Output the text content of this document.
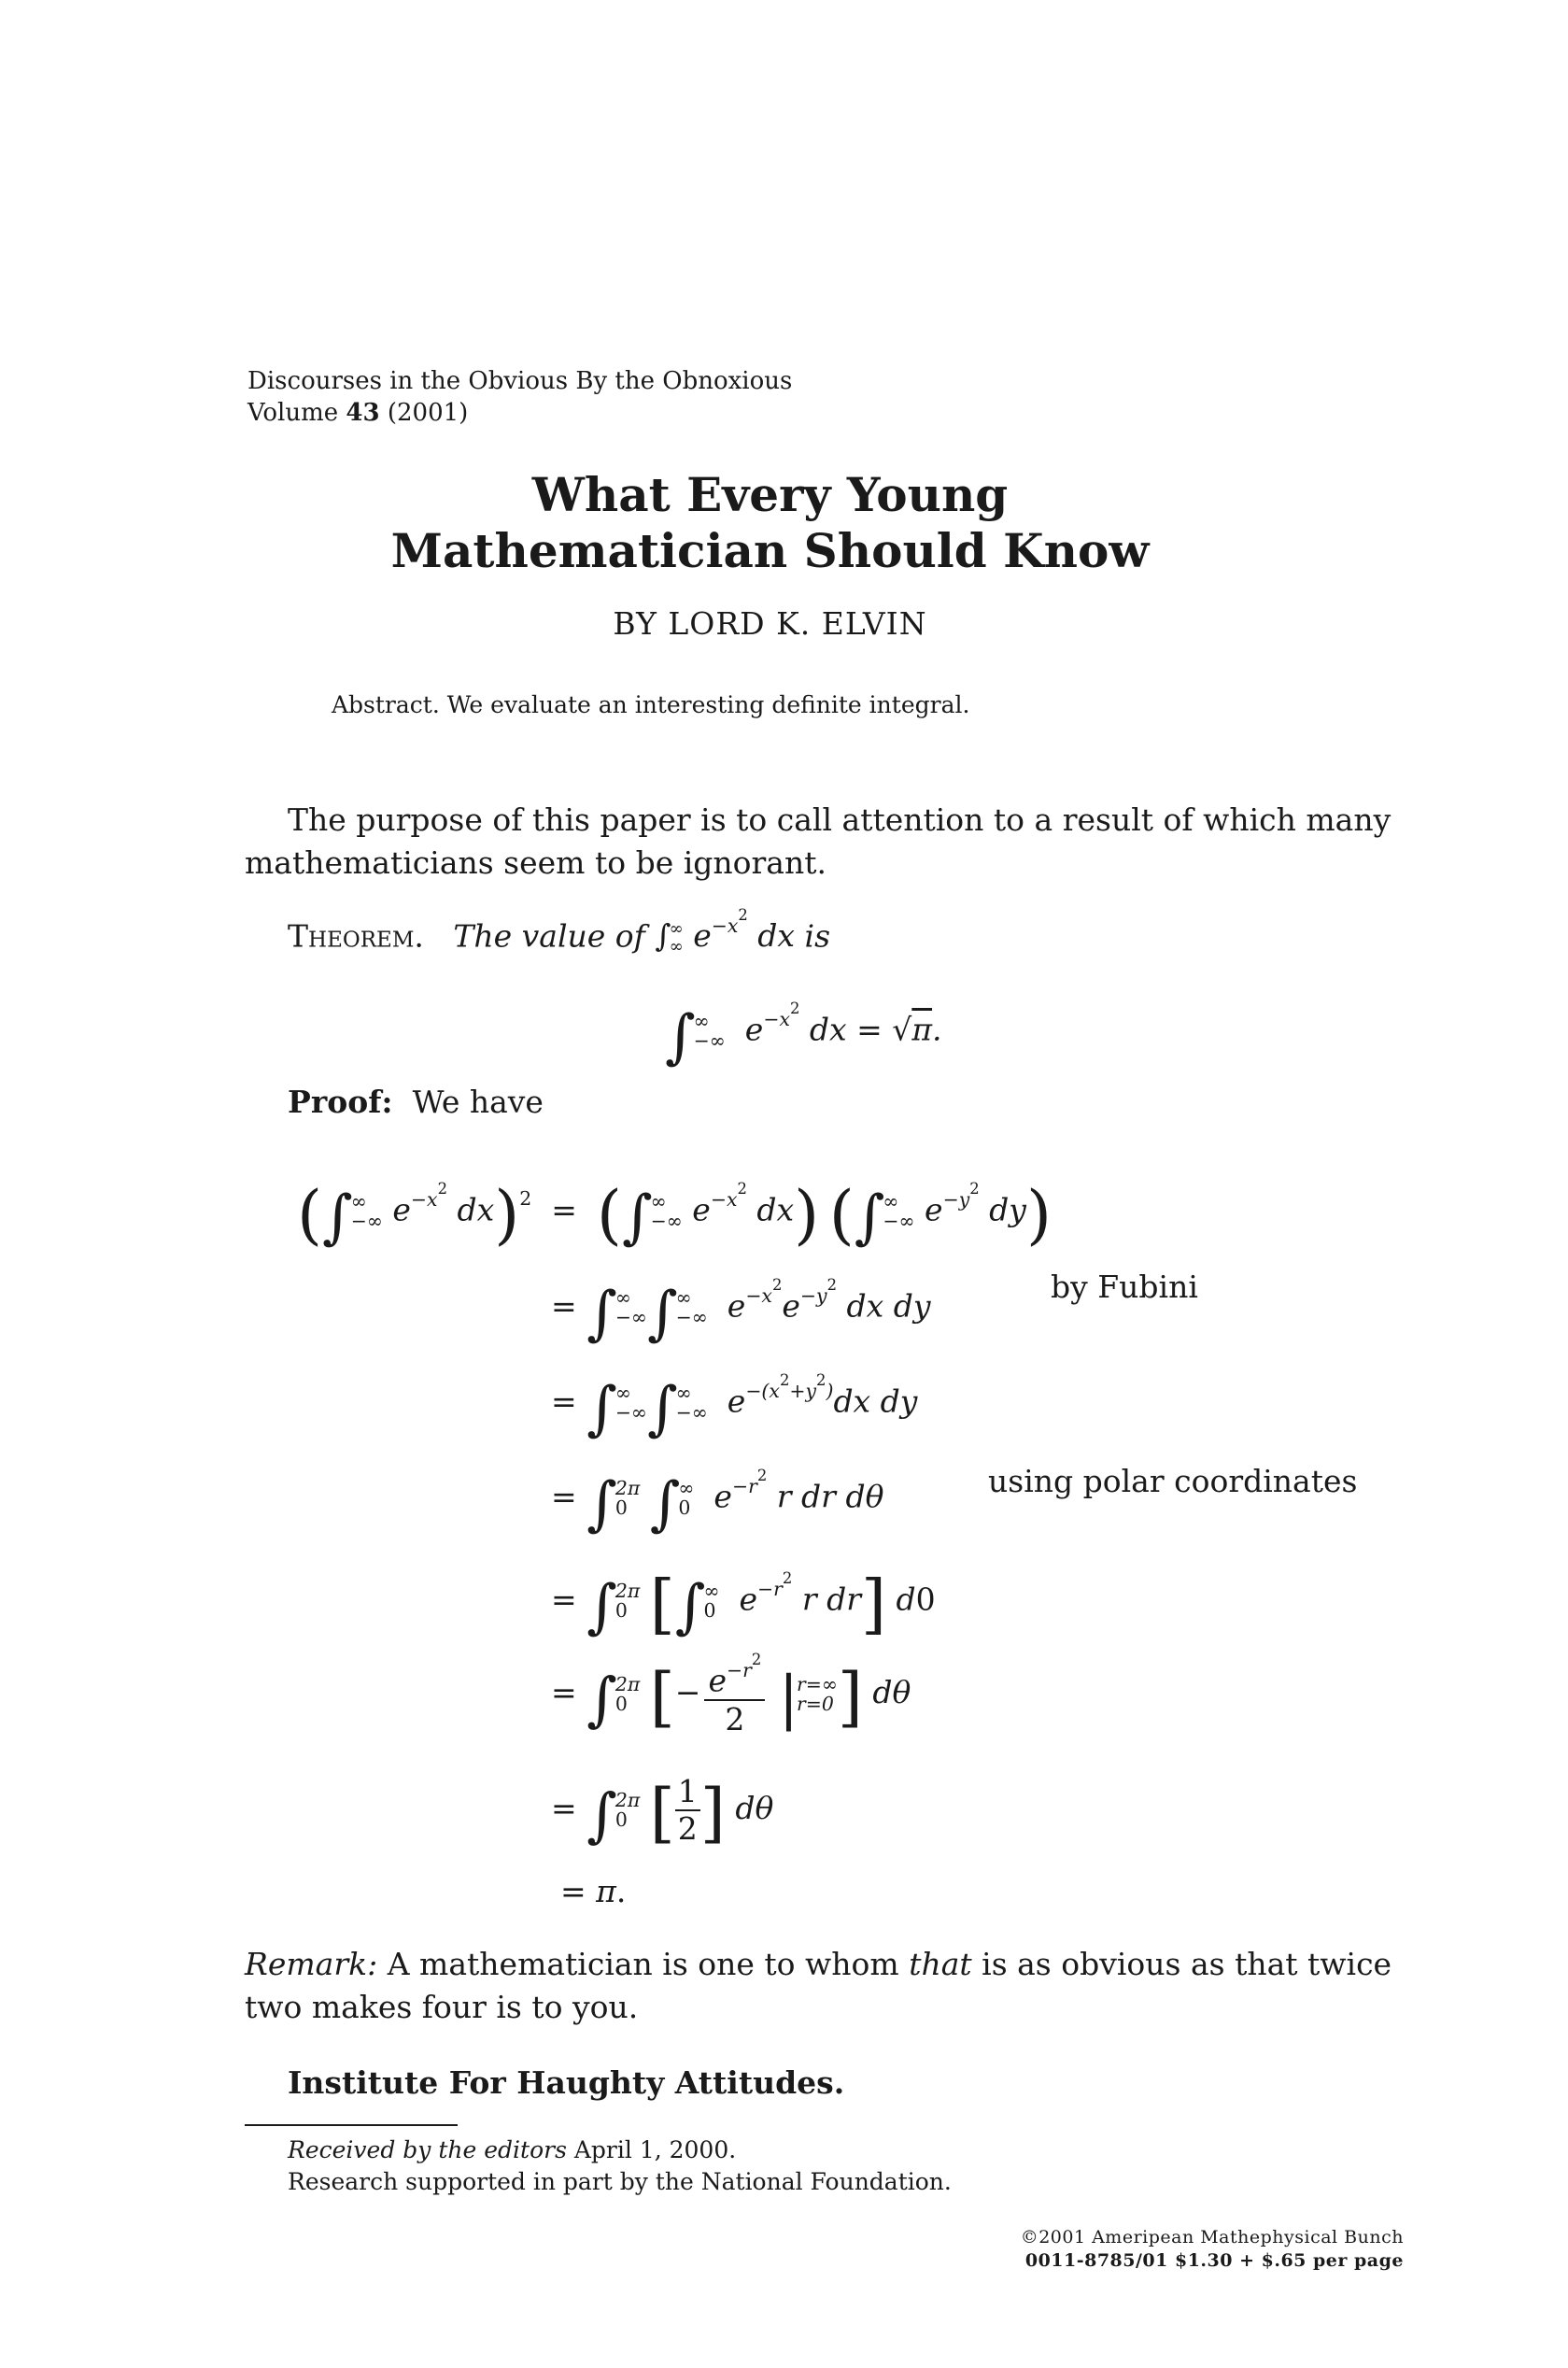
Discourses in the Obvious By the Obnoxious
Volume 43 (2001)
What Every Young
Mathematician Should Know
BY LORD K. ELVIN
Abstract. We evaluate an interesting definite integral.
The purpose of this paper is to call attention to a result of which many
mathematicians seem to be ignorant.
Theorem. The value of ∫
∞
∞ $e^{-x^2}$ dx is
∫
∞
−∞ $e^{-x^2}$ dx = √π.
Proof: We have
(∫
∞
−∞ $e^{-x^2}$ dx)$^2$  =  (∫
∞
−∞ $e^{-x^2}$ dx) (∫
∞
−∞ $e^{-y^2}$ dy)
= ∫
∞
−∞ ∫
∞
−∞ $e^{-x^2}e^{-y^2}$ dx dy
by Fubini
= ∫
∞
−∞ ∫
∞
−∞ $e^{-(x^2+y^2)}dx$ dy
= ∫
2π
0 ∫
∞
0 $e^{-r^2}$ r dr dθ	using polar coordinates
= ∫
2π
0 [∫
∞
0 $e^{-r^2}$ r dr] d0
= ∫
2π
0 [− $\frac{e^{-r^2}}{2}$ |
r=∞
r=0 ] dθ
= ∫
2π
0 [ $\frac{1}{2}$ ] dθ
= π.
Remark: A mathematician is one to whom that is as obvious as that twice
two makes four is to you.
Institute For Haughty Attitudes.
Received by the editors April 1, 2000.
Research supported in part by the National Foundation.
©2001 Ameripean Mathephysical Bunch
0011-8785/01 $1.30 + $.65 per page
